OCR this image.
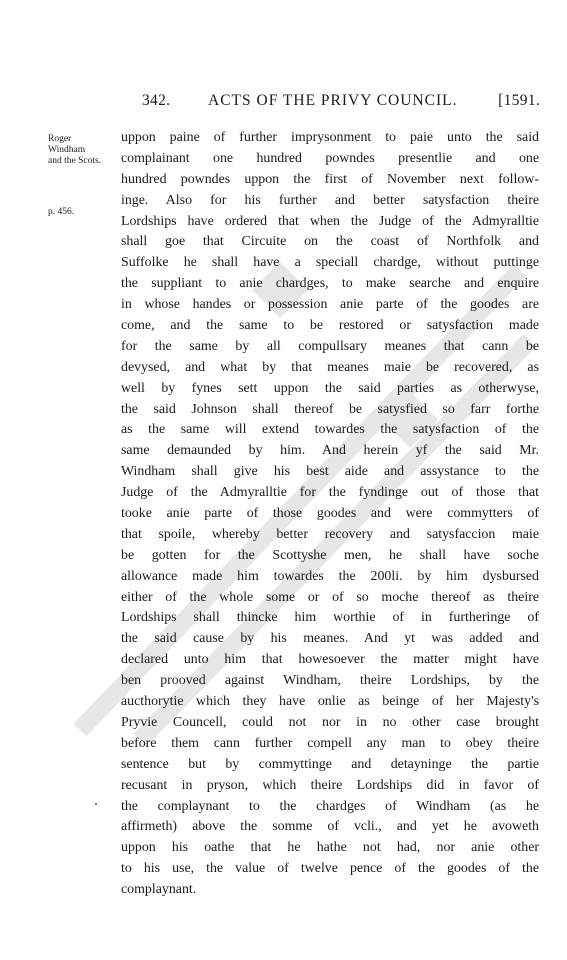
342. ACTS OF THE PRIVY COUNCIL.	[1591.
Roger
Windham
and the Scots.
p. 456.
uppon paine of further imprysonment to paie unto the said
complainant one hundred powndes presentlie and one
hundred powndes uppon the first of November next follow-
inge. Also for his further and better satysfaction theire
Lordships have ordered that when the Judge of the Admyralltie
shall goe that Circuite on the coast of Northfolk and
Suffolke he shall have a speciall chardge, without puttinge
the suppliant to anie chardges, to make searche and enquire
in whose handes or possession anie parte of the goodes are
come, and the same to be restored or satysfaction made
for the same by all compullsary meanes that cann be
devysed, and what by that meanes maie be recovered, as
well by fynes sett uppon the said parties as otherwyse,
the said Johnson shall thereof be satysfied so farr forthe
as the same will extend towardes the satysfaction of the
same demaunded by him. And herein yf the said Mr.
Windham shall give his best aide and assystance to the
Judge of the Admyralltie for the fyndinge out of those that
tooke anie parte of those goodes and were commytters of
that spoile, whereby better recovery and satysfaccion maie
be gotten for the Scottyshe men, he shall have soche
allowance made him towardes the 200li. by him dysbursed
either of the whole some or of so moche thereof as theire
Lordships shall thincke him worthie of in furtheringe of
the said cause by his meanes. And yt was added and
declared unto him that howesoever the matter might have
ben prooved against Windham, theire Lordships, by the
aucthorytie which they have onlie as beinge of her Majesty's
Pryvie Councell, could not nor in no other case brought
before them cann further compell any man to obey theire
sentence but by commyttinge and detayninge the partie
recusant in pryson, which theire Lordships did in favor of
the complaynant to the chardges of Windham (as he
affirmeth) above the somme of vcli., and yet he avoweth
uppon his oathe that he hathe not had, nor anie other
to his use, the value of twelve pence of the goodes of the
complaynant.
